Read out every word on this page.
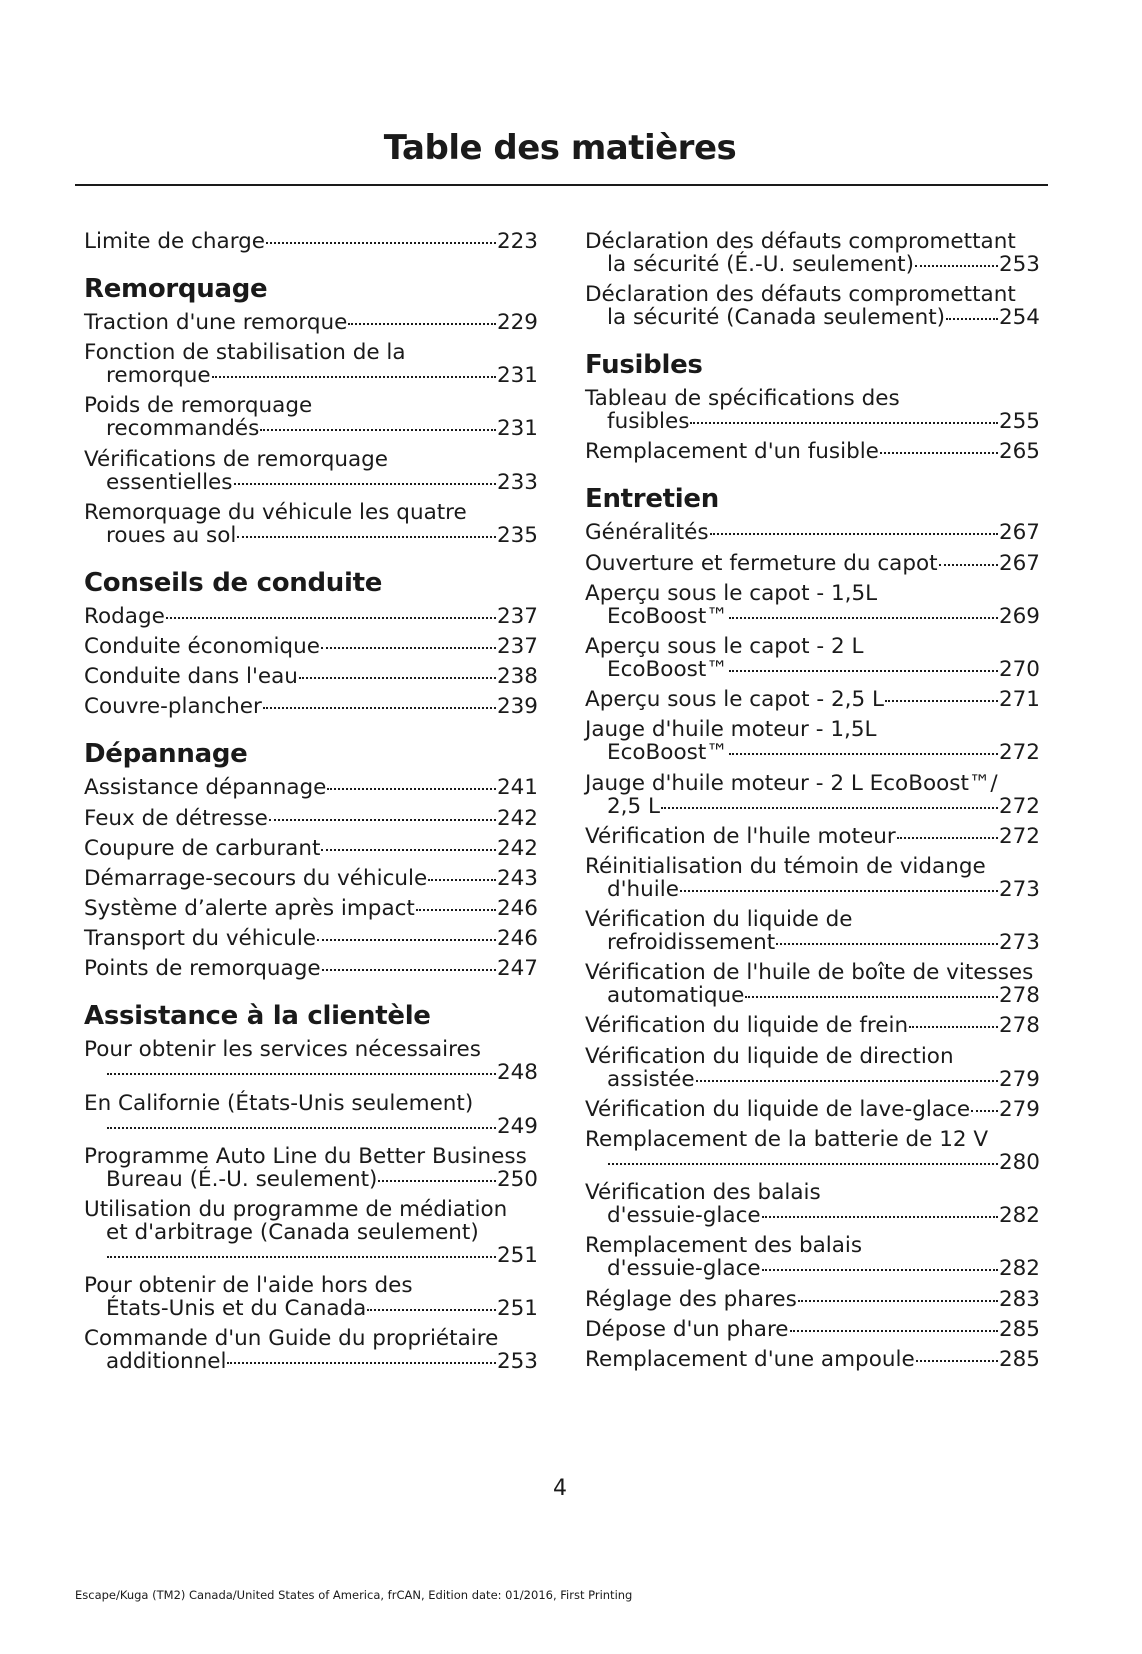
Table des matières
Limite de charge	223
Remorquage
Traction d'une remorque	229
Fonction de stabilisation de la
remorque	231
Poids de remorquage
recommandés	231
Vérifications de remorquage
essentielles	233
Remorquage du véhicule les quatre
roues au sol	235
Conseils de conduite
Rodage	237
Conduite économique	237
Conduite dans l'eau	238
Couvre-plancher	239
Dépannage
Assistance dépannage	241
Feux de détresse	242
Coupure de carburant	242
Démarrage-secours du véhicule	243
Système d’alerte après impact	246
Transport du véhicule	246
Points de remorquage	247
Assistance à la clientèle
Pour obtenir les services nécessaires
248
En Californie (États-Unis seulement)
249
Programme Auto Line du Better Business
Bureau (É.-U. seulement)	250
Utilisation du programme de médiation
et d'arbitrage (Canada seulement)
251
Pour obtenir de l'aide hors des
États-Unis et du Canada	251
Commande d'un Guide du propriétaire
additionnel	253
Déclaration des défauts compromettant
la sécurité (É.-U. seulement)	253
Déclaration des défauts compromettant
la sécurité (Canada seulement)	254
Fusibles
Tableau de spécifications des
fusibles	255
Remplacement d'un fusible	265
Entretien
Généralités	267
Ouverture et fermeture du capot	267
Aperçu sous le capot - 1,5L
EcoBoost™	269
Aperçu sous le capot - 2 L
EcoBoost™	270
Aperçu sous le capot - 2,5 L	271
Jauge d'huile moteur - 1,5L
EcoBoost™	272
Jauge d'huile moteur - 2 L EcoBoost™/
2,5 L	272
Vérification de l'huile moteur	272
Réinitialisation du témoin de vidange
d'huile	273
Vérification du liquide de
refroidissement	273
Vérification de l'huile de boîte de vitesses
automatique	278
Vérification du liquide de frein	278
Vérification du liquide de direction
assistée	279
Vérification du liquide de lave-glace 279
Remplacement de la batterie de 12 V
280
Vérification des balais
d'essuie-glace	282
Remplacement des balais
d'essuie-glace	282
Réglage des phares	283
Dépose d'un phare	285
Remplacement d'une ampoule	285
4
Escape/Kuga (TM2) Canada/United States of America, frCAN, Edition date: 01/2016, First Printing
